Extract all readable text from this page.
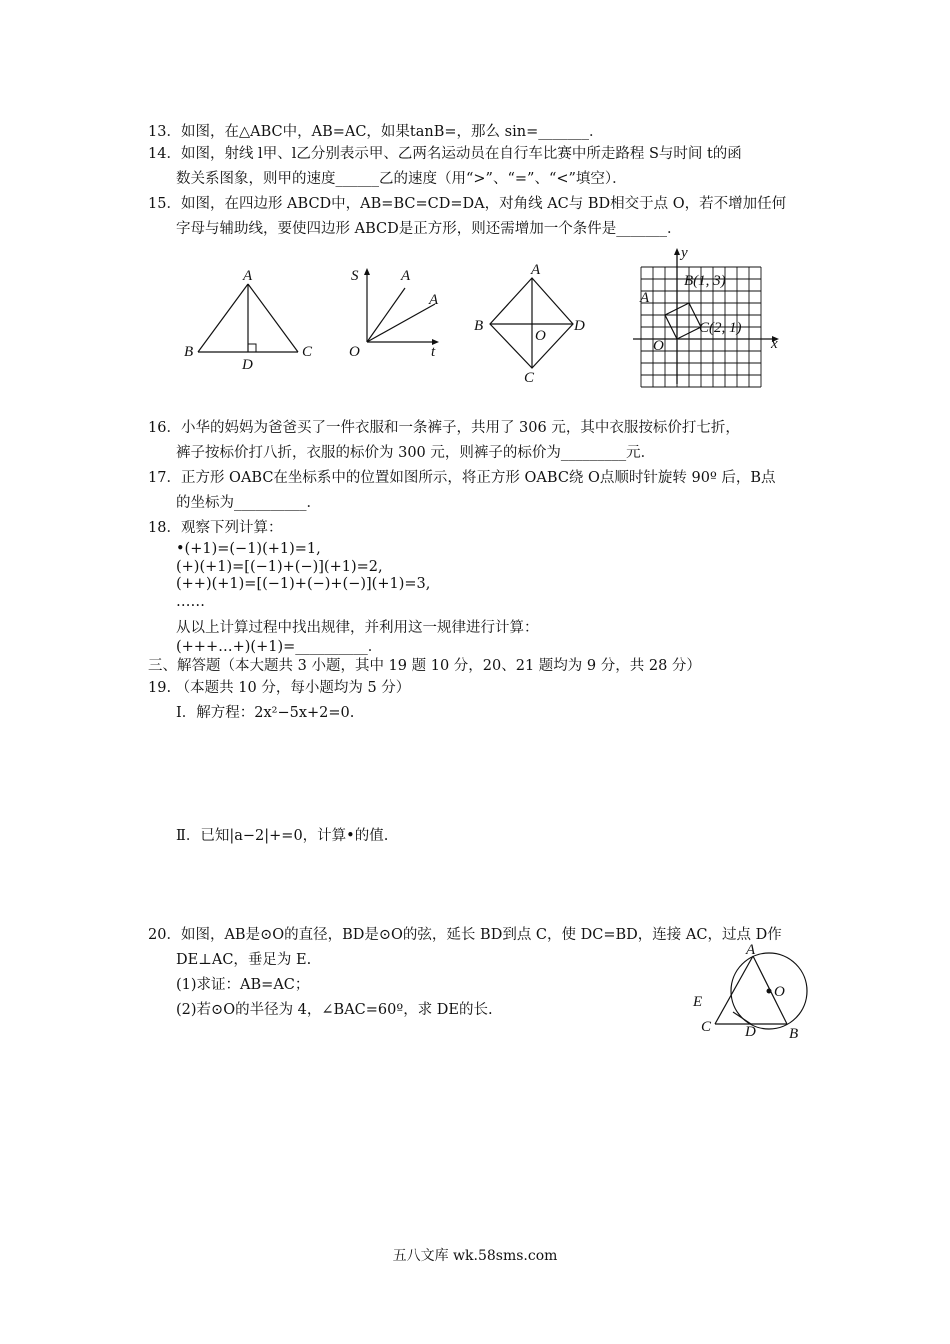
13．如图，在△ABC中，AB=AC，如果tanB=，那么 sin=_______．
14．如图，射线 l甲、l乙分别表示甲、乙两名运动员在自行车比赛中所走路程 S与时间 t的函
数关系图象，则甲的速度______乙的速度（用“>”、“=”、“<”填空）．
15．如图，在四边形 ABCD中，AB=BC=CD=DA，对角线 AC与 BD相交于点 O，若不增加任何
字母与辅助线，要使四边形 ABCD是正方形，则还需增加一个条件是_______．
A
B	C
D
S	A
A
O	t
A
B	D
O
C
y
x
A
B(1, 3)
C(2, 1)
O
16．小华的妈妈为爸爸买了一件衣服和一条裤子，共用了 306 元，其中衣服按标价打七折，
裤子按标价打八折，衣服的标价为 300 元，则裤子的标价为_________元．
17．正方形 OABC在坐标系中的位置如图所示，将正方形 OABC绕 O点顺时针旋转 90º 后，B点
的坐标为__________．
18．观察下列计算：
•(+1)=(−1)(+1)=1,
(+)(+1)=[(−1)+(−)](+1)=2,
(++)(+1)=[(−1)+(−)+(−)](+1)=3,
……
从以上计算过程中找出规律，并利用这一规律进行计算：
(+++…+)(+1)=__________．
三、解答题（本大题共 3 小题，其中 19 题 10 分，20、21 题均为 9 分，共 28 分）
19. （本题共 10 分，每小题均为 5 分）
Ⅰ．解方程：2x²−5x+2=0.
Ⅱ．已知|a−2|+=0，计算•的值.
20．如图，AB是⊙O的直径，BD是⊙O的弦，延长 BD到点 C，使 DC=BD，连接 AC，过点 D作
DE⊥AC，垂足为 E.
(1)求证：AB=AC；
(2)若⊙O的半径为 4，∠BAC=60º，求 DE的长.
A
O
E
C D B
五八文库 wk.58sms.com
